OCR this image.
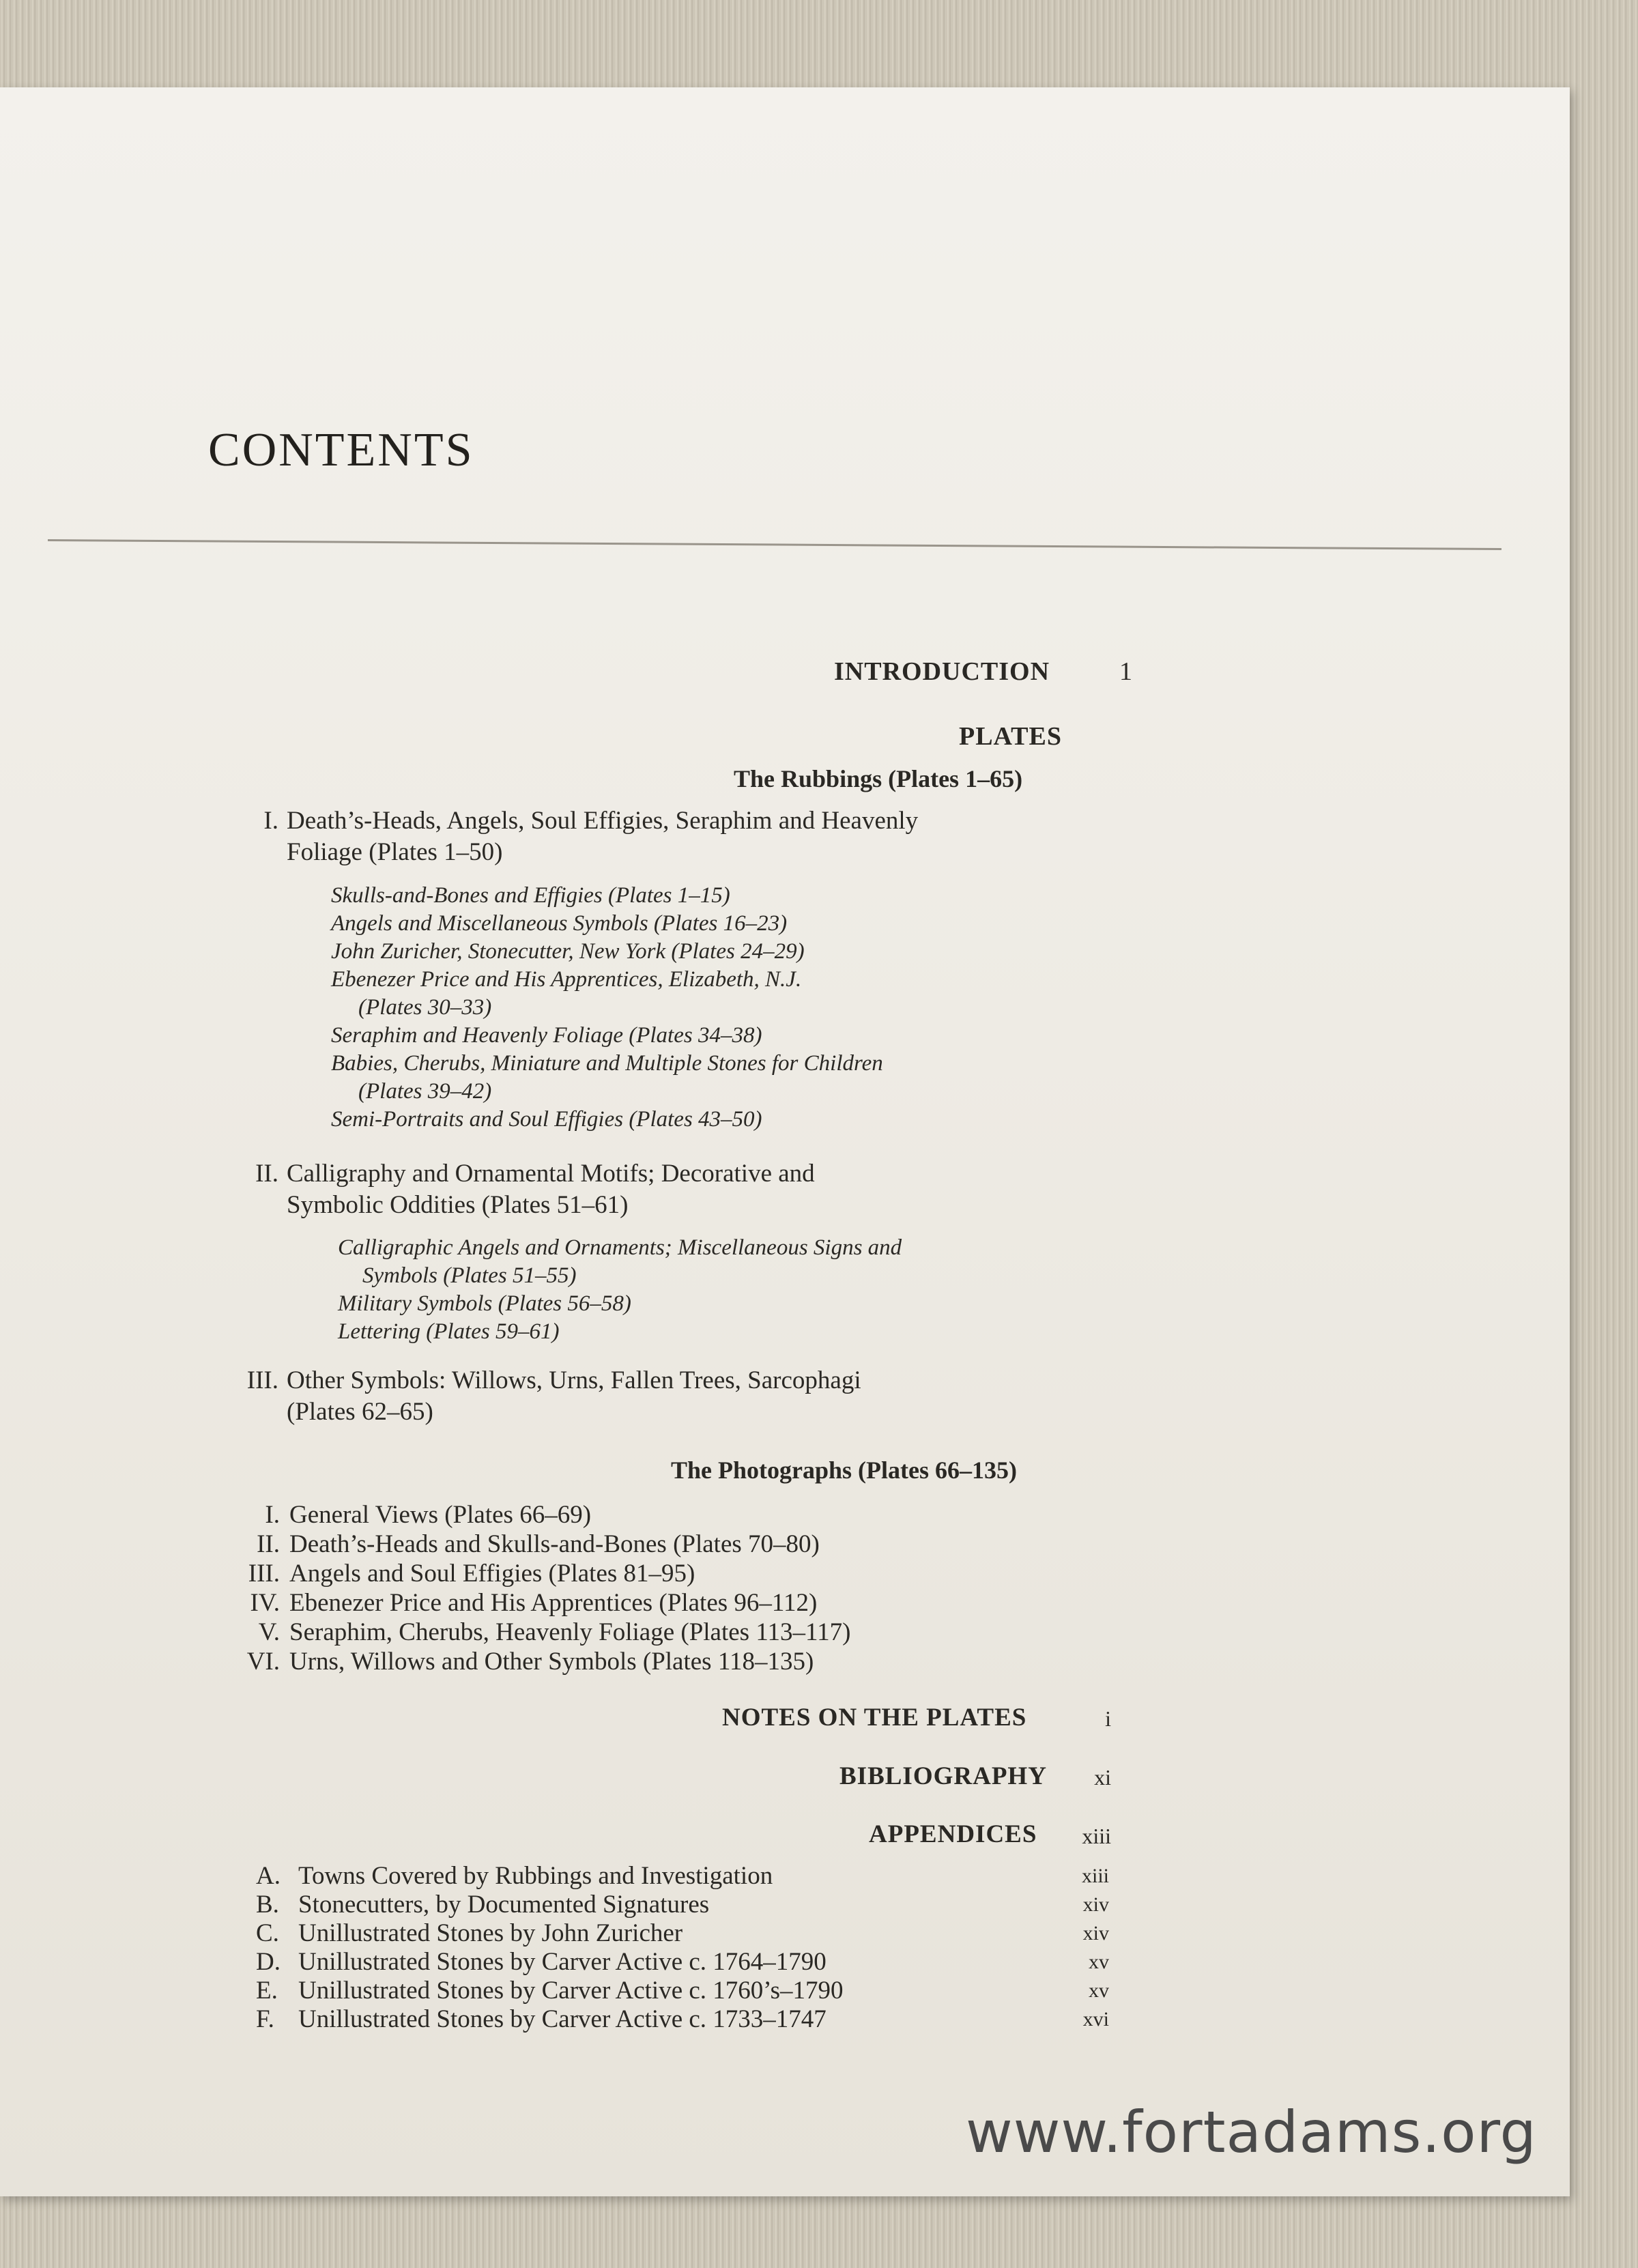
CONTENTS
INTRODUCTION	1
PLATES
The Rubbings (Plates 1–65)
I. Death’s-Heads, Angels, Soul Effigies, Seraphim and Heavenly
Foliage (Plates 1–50)
Skulls-and-Bones and Effigies (Plates 1–15)
Angels and Miscellaneous Symbols (Plates 16–23)
John Zuricher, Stonecutter, New York (Plates 24–29)
Ebenezer Price and His Apprentices, Elizabeth, N.J.
(Plates 30–33)
Seraphim and Heavenly Foliage (Plates 34–38)
Babies, Cherubs, Miniature and Multiple Stones for Children
(Plates 39–42)
Semi-Portraits and Soul Effigies (Plates 43–50)
II. Calligraphy and Ornamental Motifs; Decorative and
Symbolic Oddities (Plates 51–61)
Calligraphic Angels and Ornaments; Miscellaneous Signs and
Symbols (Plates 51–55)
Military Symbols (Plates 56–58)
Lettering (Plates 59–61)
III. Other Symbols: Willows, Urns, Fallen Trees, Sarcophagi
(Plates 62–65)
The Photographs (Plates 66–135)
I. General Views (Plates 66–69)
II. Death’s-Heads and Skulls-and-Bones (Plates 70–80)
III. Angels and Soul Effigies (Plates 81–95)
IV. Ebenezer Price and His Apprentices (Plates 96–112)
V. Seraphim, Cherubs, Heavenly Foliage (Plates 113–117)
VI. Urns, Willows and Other Symbols (Plates 118–135)
NOTES ON THE PLATES	i
BIBLIOGRAPHY	xi
APPENDICES	xiii
A. Towns Covered by Rubbings and Investigation	xiii
B. Stonecutters, by Documented Signatures	xiv
C. Unillustrated Stones by John Zuricher	xiv
D. Unillustrated Stones by Carver Active c. 1764–1790	xv
E. Unillustrated Stones by Carver Active c. 1760’s–1790	xv
F. Unillustrated Stones by Carver Active c. 1733–1747	xvi
www.fortadams.org
